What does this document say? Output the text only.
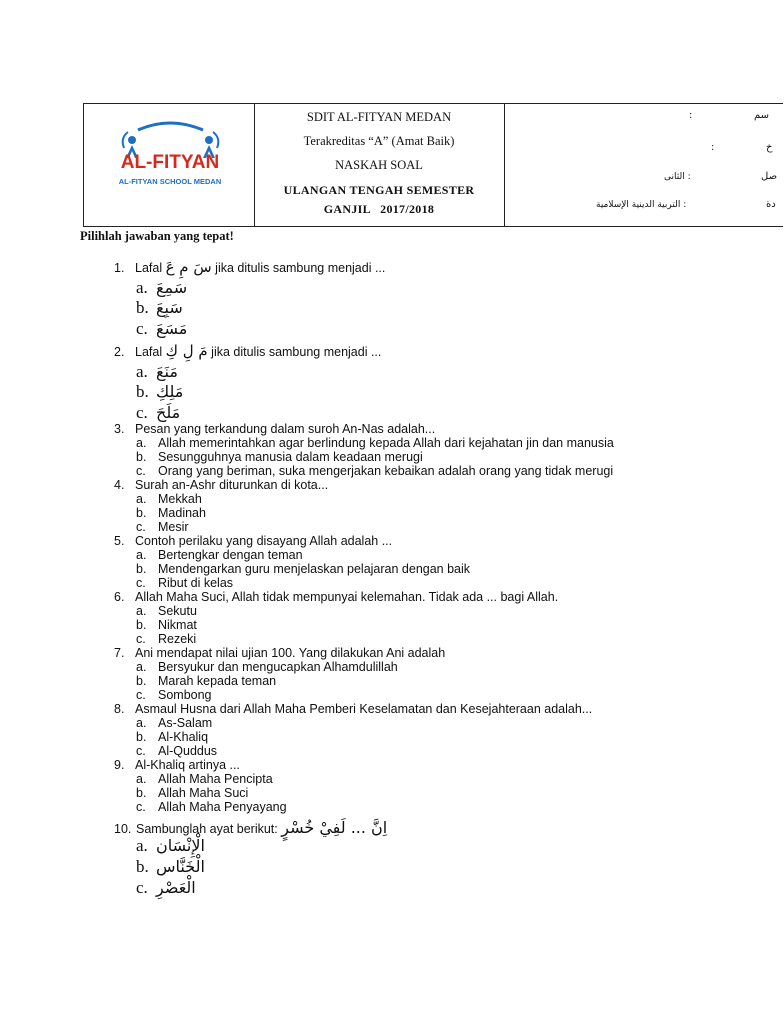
AL-FITYAN
AL-FITYAN SCHOOL MEDAN
SDIT AL-FITYAN MEDAN
Terakreditas “A” (Amat Baik)
NASKAH SOAL
ULANGAN TENGAH SEMESTER
GANJIL   2017/2018
:	سم
:	خ
: الثانى	صل
: التربية الدينية الإسلامية	دة
Pilihlah jawaban yang tepat!
1. Lafal سَ مِ عَ jika ditulis sambung menjadi ...
a. سَمِعَ
b. سَبِعَ
c. مَسَعَ
2. Lafal مَ لِ كِ jika ditulis sambung menjadi ...
a. مَنَعَ
b. مَلِكِ
c. مَلَحَ
3. Pesan yang terkandung dalam suroh An-Nas adalah...
a. Allah memerintahkan agar berlindung kepada Allah dari kejahatan jin dan manusia
b. Sesungguhnya manusia dalam keadaan merugi
c. Orang yang beriman, suka mengerjakan kebaikan adalah orang yang tidak merugi
4. Surah an-Ashr diturunkan di kota...
a. Mekkah
b. Madinah
c. Mesir
5. Contoh perilaku yang disayang Allah adalah ...
a. Bertengkar dengan teman
b. Mendengarkan guru menjelaskan pelajaran dengan baik
c. Ribut di kelas
6. Allah Maha Suci, Allah tidak mempunyai kelemahan. Tidak ada ... bagi Allah.
a. Sekutu
b. Nikmat
c. Rezeki
7. Ani mendapat nilai ujian 100. Yang dilakukan Ani adalah
a. Bersyukur dan mengucapkan Alhamdulillah
b. Marah kepada teman
c. Sombong
8. Asmaul Husna dari Allah Maha Pemberi Keselamatan dan Kesejahteraan adalah...
a. As-Salam
b. Al-Khaliq
c. Al-Quddus
9. Al-Khaliq artinya ...
a. Allah Maha Pencipta
b. Allah Maha Suci
c. Allah Maha Penyayang
10. Sambunglah ayat berikut: اِنَّ ... لَفِيْ خُسْرٍ
a. الْإِنْسَان
b. الْخَنَّاس
c. الْعَصْرِ
